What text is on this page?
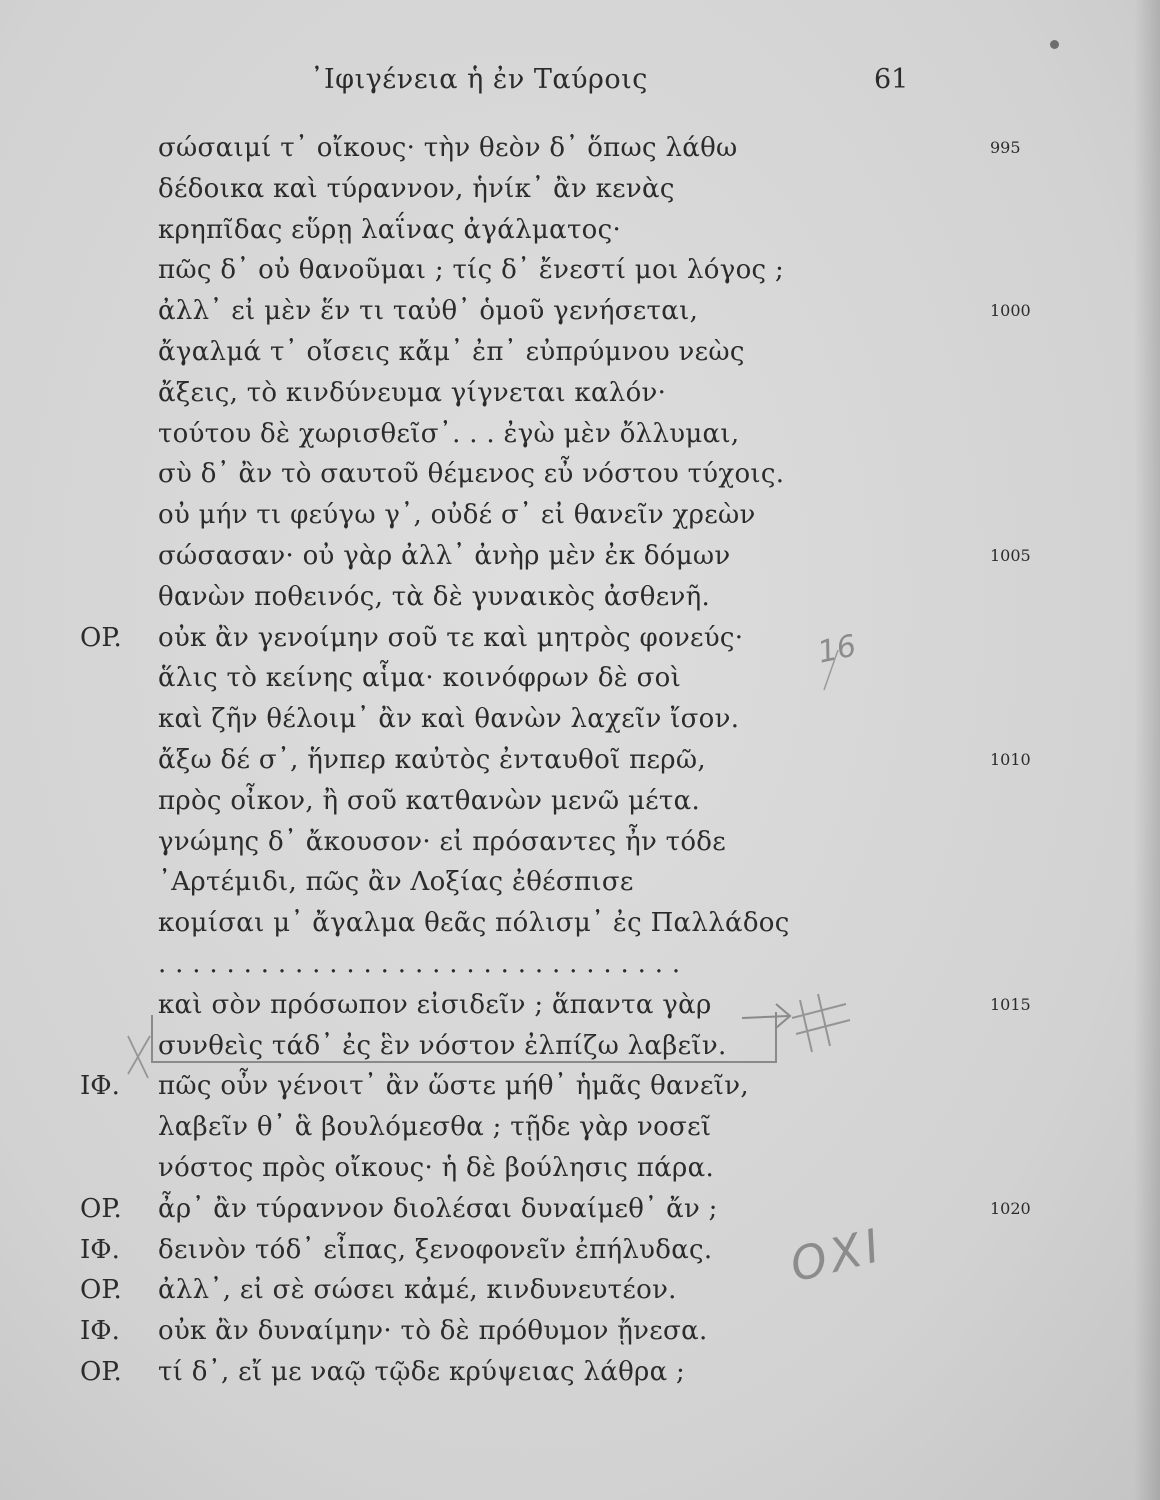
᾿Ιφιγένεια ἡ ἐν Ταύροις	61
σώσαιμί τ᾿ οἴκους· τὴν θεὸν δ᾿ ὅπως λάθω	995
δέδοικα καὶ τύραννον, ἡνίκ᾿ ἂν κενὰς
κρηπῖδας εὕρῃ λαΐνας ἀγάλματος·
πῶς δ᾿ οὐ θανοῦμαι ; τίς δ᾿ ἔνεστί μοι λόγος ;
ἀλλ᾿ εἰ μὲν ἕν τι ταὐθ᾿ ὁμοῦ γενήσεται,	1000
ἄγαλμά τ᾿ οἴσεις κἄμ᾿ ἐπ᾿ εὐπρύμνου νεὼς
ἄξεις, τὸ κινδύνευμα γίγνεται καλόν·
τούτου δὲ χωρισθεῖσ᾿. . . ἐγὼ μὲν ὄλλυμαι,
σὺ δ᾿ ἂν τὸ σαυτοῦ θέμενος εὖ νόστου τύχοις.
οὐ μήν τι φεύγω γ᾿, οὐδέ σ᾿ εἰ θανεῖν χρεὼν
σώσασαν· οὐ γὰρ ἀλλ᾿ ἀνὴρ μὲν ἐκ δόμων	1005
θανὼν ποθεινός, τὰ δὲ γυναικὸς ἀσθενῆ.
OP. οὐκ ἂν γενοίμην σοῦ τε καὶ μητρὸς φονεύς·
ἅλις τὸ κείνης αἷμα· κοινόφρων δὲ σοὶ
καὶ ζῆν θέλοιμ᾿ ἂν καὶ θανὼν λαχεῖν ἴσον.
ἄξω δέ σ᾿, ἥνπερ καὐτὸς ἐνταυθοῖ περῶ,	1010
πρὸς οἶκον, ἢ σοῦ κατθανὼν μενῶ μέτα.
γνώμης δ᾿ ἄκουσον· εἰ πρόσαντες ἦν τόδε
᾿Αρτέμιδι, πῶς ἂν Λοξίας ἐθέσπισε
κομίσαι μ᾿ ἄγαλμα θεᾶς πόλισμ᾿ ἐς Παλλάδος
. . . . . . . . . . . . . . . . . . . . . . . . . . . . . . .
καὶ σὸν πρόσωπον εἰσιδεῖν ; ἅπαντα γὰρ	1015
συνθεὶς τάδ᾿ ἐς ἓν νόστον ἐλπίζω λαβεῖν.
IΦ. πῶς οὖν γένοιτ᾿ ἂν ὥστε μήθ᾿ ἡμᾶς θανεῖν,
λαβεῖν θ᾿ ἃ βουλόμεσθα ; τῇδε γὰρ νοσεῖ
νόστος πρὸς οἴκους· ἡ δὲ βούλησις πάρα.
OP. ἆρ᾿ ἂν τύραννον διολέσαι δυναίμεθ᾿ ἄν ;	1020
IΦ. δεινὸν τόδ᾿ εἶπας, ξενοφονεῖν ἐπήλυδας.
OP. ἀλλ᾿, εἰ σὲ σώσει κἀμέ, κινδυνευτέον.
IΦ. οὐκ ἂν δυναίμην· τὸ δὲ πρόθυμον ᾔνεσα.
OP. τί δ᾿, εἴ με ναῷ τῷδε κρύψειας λάθρα ;
16
ΟΧΙ
